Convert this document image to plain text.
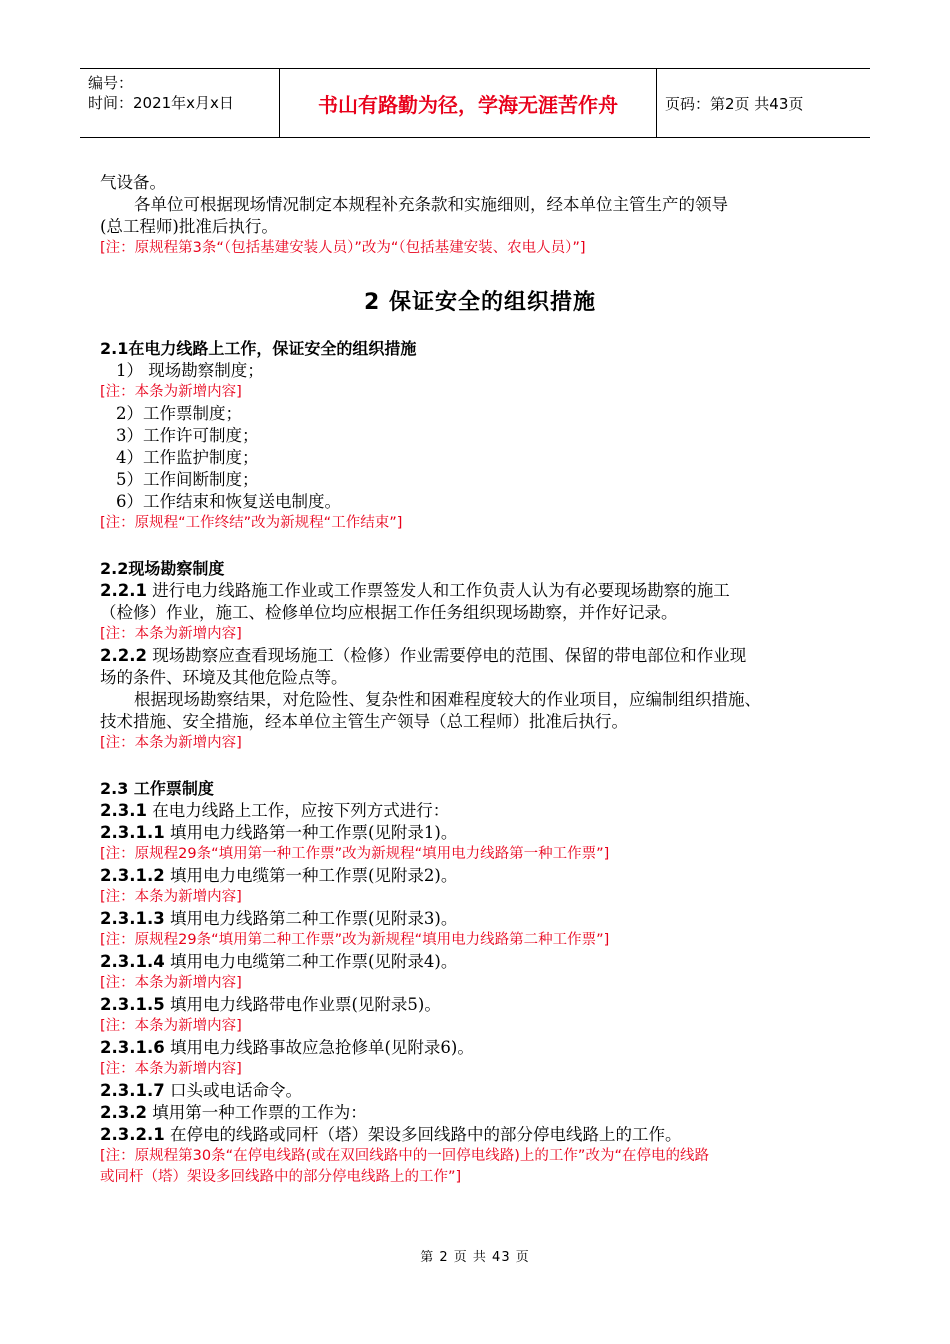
编号：
时间：2021年x月x日	书山有路勤为径，学海无涯苦作舟	页码：第2页 共43页
气设备。
各单位可根据现场情况制定本规程补充条款和实施细则，经本单位主管生产的领导
(总工程师)批准后执行。
[注：原规程第3条“（包括基建安装人员）”改为“（包括基建安装、农电人员）”]
2 保证安全的组织措施
2.1在电力线路上工作，保证安全的组织措施
1） 现场勘察制度；
[注：本条为新增内容]
2）工作票制度；
3）工作许可制度；
4）工作监护制度；
5）工作间断制度；
6）工作结束和恢复送电制度。
[注：原规程“工作终结”改为新规程“工作结束”]
2.2现场勘察制度
2.2.1 进行电力线路施工作业或工作票签发人和工作负责人认为有必要现场勘察的施工
（检修）作业，施工、检修单位均应根据工作任务组织现场勘察，并作好记录。
[注：本条为新增内容]
2.2.2 现场勘察应查看现场施工（检修）作业需要停电的范围、保留的带电部位和作业现
场的条件、环境及其他危险点等。
根据现场勘察结果，对危险性、复杂性和困难程度较大的作业项目，应编制组织措施、
技术措施、安全措施，经本单位主管生产领导（总工程师）批准后执行。
[注：本条为新增内容]
2.3 工作票制度
2.3.1 在电力线路上工作，应按下列方式进行：
2.3.1.1 填用电力线路第一种工作票(见附录1)。
[注：原规程29条“填用第一种工作票”改为新规程“填用电力线路第一种工作票”]
2.3.1.2 填用电力电缆第一种工作票(见附录2)。
[注：本条为新增内容]
2.3.1.3 填用电力线路第二种工作票(见附录3)。
[注：原规程29条“填用第二种工作票”改为新规程“填用电力线路第二种工作票”]
2.3.1.4 填用电力电缆第二种工作票(见附录4)。
[注：本条为新增内容]
2.3.1.5 填用电力线路带电作业票(见附录5)。
[注：本条为新增内容]
2.3.1.6 填用电力线路事故应急抢修单(见附录6)。
[注：本条为新增内容]
2.3.1.7 口头或电话命令。
2.3.2 填用第一种工作票的工作为：
2.3.2.1 在停电的线路或同杆（塔）架设多回线路中的部分停电线路上的工作。
[注：原规程第30条“在停电线路(或在双回线路中的一回停电线路)上的工作”改为“在停电的线路
或同杆（塔）架设多回线路中的部分停电线路上的工作”]
第 2 页 共 43 页
